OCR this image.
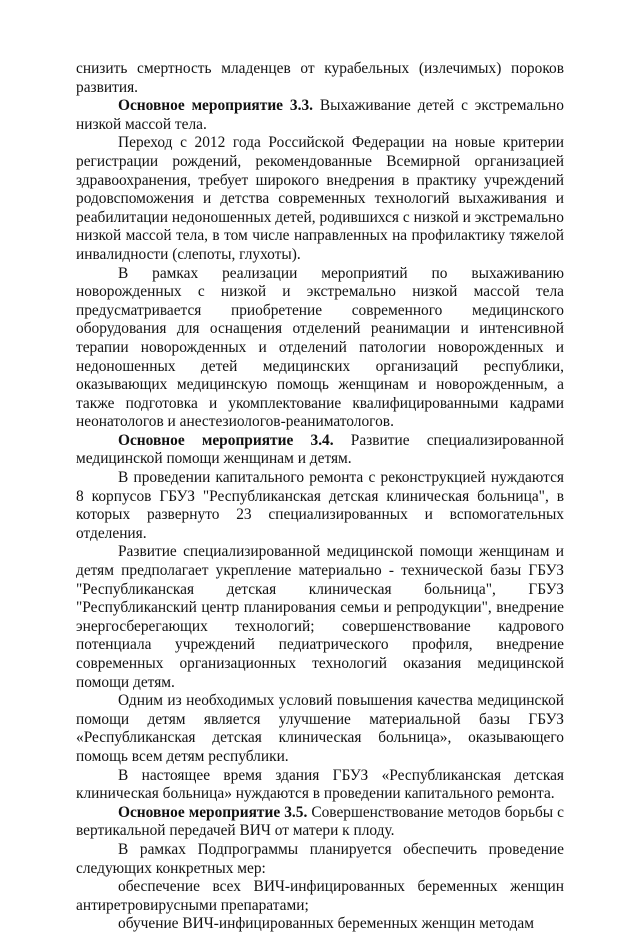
снизить смертность младенцев от курабельных (излечимых) пороков развития.

Основное мероприятие 3.3. Выхаживание детей с экстремально низкой массой тела.

Переход с 2012 года Российской Федерации на новые критерии регистрации рождений, рекомендованные Всемирной организацией здравоохранения, требует широкого внедрения в практику учреждений родовспоможения и детства современных технологий выхаживания и реабилитации недоношенных детей, родившихся с низкой и экстремально низкой массой тела, в том числе направленных на профилактику тяжелой инвалидности (слепоты, глухоты).

В рамках реализации мероприятий по выхаживанию новорожденных с низкой и экстремально низкой массой тела предусматривается приобретение современного медицинского оборудования для оснащения отделений реанимации и интенсивной терапии новорожденных и отделений патологии новорожденных и недоношенных детей медицинских организаций республики, оказывающих медицинскую помощь женщинам и новорожденным, а также подготовка и укомплектование квалифицированными кадрами неонатологов и анестезиологов-реаниматологов.

Основное мероприятие 3.4. Развитие специализированной медицинской помощи женщинам и детям.

В проведении капитального ремонта с реконструкцией нуждаются 8 корпусов ГБУЗ "Республиканская детская клиническая больница", в которых развернуто 23 специализированных и вспомогательных отделения.

Развитие специализированной медицинской помощи женщинам и детям предполагает укрепление материально - технической базы ГБУЗ "Республиканская детская клиническая больница", ГБУЗ "Республиканский центр планирования семьи и репродукции", внедрение энергосберегающих технологий; совершенствование кадрового потенциала учреждений педиатрического профиля, внедрение современных организационных технологий оказания медицинской помощи детям.

Одним из необходимых условий повышения качества медицинской помощи детям является улучшение материальной базы ГБУЗ «Республиканская детская клиническая больница», оказывающего помощь всем детям республики.

В настоящее время здания ГБУЗ «Республиканская детская клиническая больница» нуждаются в проведении капитального ремонта.

Основное мероприятие 3.5. Совершенствование методов борьбы с вертикальной передачей ВИЧ от матери к плоду.

В рамках Подпрограммы планируется обеспечить проведение следующих конкретных мер:

обеспечение всех ВИЧ-инфицированных беременных женщин антиретровирусными препаратами;

обучение ВИЧ-инфицированных беременных женщин методам
